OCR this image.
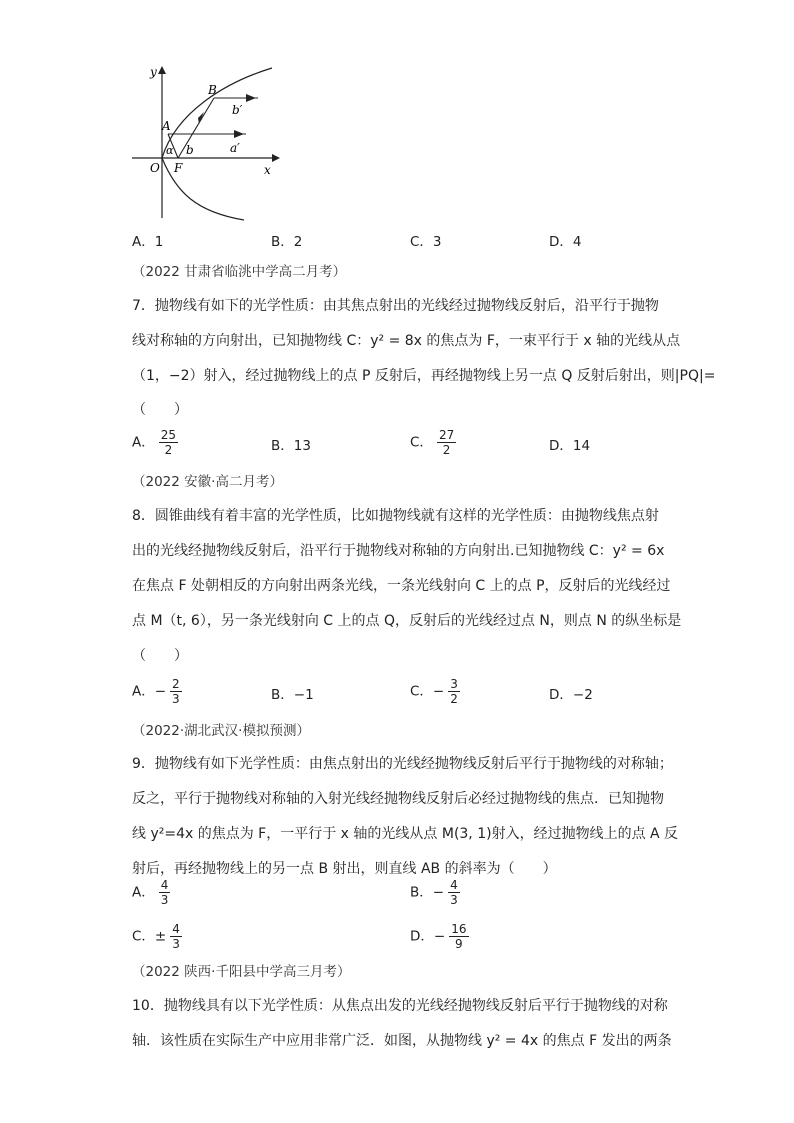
y
x
O F
A
B
α b	a′
b′
A．1	B．2	C．3	D．4
（2022 甘肃省临洮中学高二月考）
7．抛物线有如下的光学性质：由其焦点射出的光线经过抛物线反射后，沿平行于抛物
线对称轴的方向射出，已知抛物线 C：y² = 8x 的焦点为 F，一束平行于 x 轴的光线从点
（1，−2）射入，经过抛物线上的点 P 反射后，再经抛物线上另一点 Q 反射后射出，则|PQ|=
（　　）
A． $\frac{25}{2}$	B．13	C． $\frac{27}{2}$	D．14
（2022 安徽·高二月考）
8．圆锥曲线有着丰富的光学性质，比如抛物线就有这样的光学性质：由抛物线焦点射
出的光线经抛物线反射后，沿平行于抛物线对称轴的方向射出.已知抛物线 C：y² = 6x
在焦点 F 处朝相反的方向射出两条光线，一条光线射向 C 上的点 P，反射后的光线经过
点 M（t, 6），另一条光线射向 C 上的点 Q，反射后的光线经过点 N，则点 N 的纵坐标是
（　　）
A．− $\frac{2}{3}$	B．−1	C．− $\frac{3}{2}$	D．−2
（2022·湖北武汉·模拟预测）
9．抛物线有如下光学性质：由焦点射出的光线经抛物线反射后平行于抛物线的对称轴；
反之，平行于抛物线对称轴的入射光线经抛物线反射后必经过抛物线的焦点．已知抛物
线 y²=4x 的焦点为 F，一平行于 x 轴的光线从点 M(3, 1)射入，经过抛物线上的点 A 反
射后，再经抛物线上的另一点 B 射出，则直线 AB 的斜率为（　　）
A． $\frac{4}{3}$	B．− $\frac{4}{3}$
C．± $\frac{4}{3}$	D．− $\frac{16}{9}$
（2022 陕西·千阳县中学高三月考）
10．抛物线具有以下光学性质：从焦点出发的光线经抛物线反射后平行于抛物线的对称
轴．该性质在实际生产中应用非常广泛．如图，从抛物线 y² = 4x 的焦点 F 发出的两条
